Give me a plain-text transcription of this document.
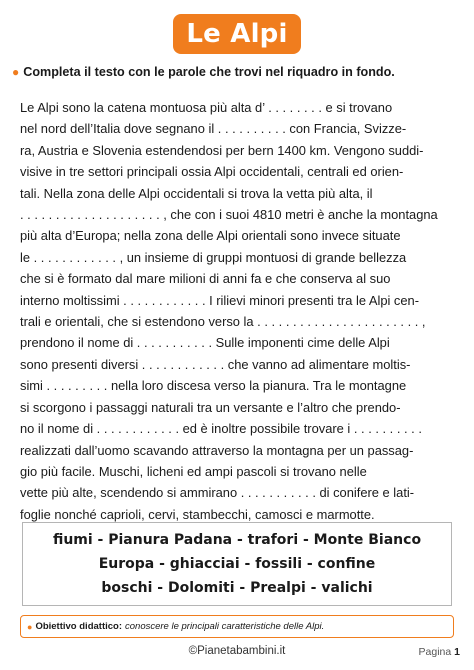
Le Alpi
● Completa il testo con le parole che trovi nel riquadro in fondo.
Le Alpi sono la catena montuosa più alta d’ . . . . . . . . e si trovano
nel nord dell’Italia dove segnano il . . . . . . . . . . con Francia, Svizze-
ra, Austria e Slovenia estendendosi per bern 1400 km. Vengono suddi-
visive in tre settori principali ossia Alpi occidentali, centrali ed orien-
tali. Nella zona delle Alpi occidentali si trova la vetta più alta, il
. . . . . . . . . . . . . . . . . . . . , che con i suoi 4810 metri è anche la montagna
più alta d’Europa; nella zona delle Alpi orientali sono invece situate
le . . . . . . . . . . . . , un insieme di gruppi montuosi di grande bellezza
che si è formato dal mare milioni di anni fa e che conserva al suo
interno moltissimi . . . . . . . . . . . . I rilievi minori presenti tra le Alpi cen-
trali e orientali, che si estendono verso la . . . . . . . . . . . . . . . . . . . . . . . ,
prendono il nome di . . . . . . . . . . . Sulle imponenti cime delle Alpi
sono presenti diversi . . . . . . . . . . . . che vanno ad alimentare moltis-
simi . . . . . . . . . nella loro discesa verso la pianura. Tra le montagne
si scorgono i passaggi naturali tra un versante e l’altro che prendo-
no il nome di . . . . . . . . . . . . ed è inoltre possibile trovare i . . . . . . . . . .
realizzati dall’uomo scavando attraverso la montagna per un passag-
gio più facile. Muschi, licheni ed ampi pascoli si trovano nelle
vette più alte, scendendo si ammirano . . . . . . . . . . . di conifere e lati-
foglie nonché caprioli, cervi, stambecchi, camosci e marmotte.
fiumi - Pianura Padana - trafori - Monte Bianco
Europa - ghiacciai - fossili - confine
boschi - Dolomiti - Prealpi - valichi
● Obiettivo didattico: conoscere le principali caratteristiche delle Alpi.
©Pianetabambini.it	Pagina 1
